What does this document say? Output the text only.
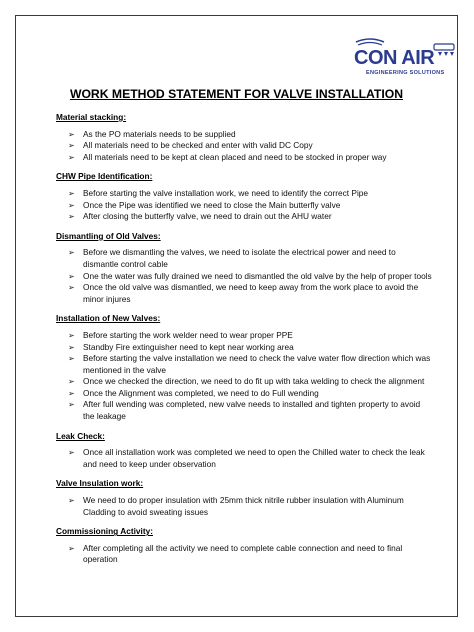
CON AIR
ENGINEERING SOLUTIONS
WORK METHOD STATEMENT FOR VALVE INSTALLATION
Material stacking:
➢ As the PO materials needs to be supplied
➢ All materials need to be checked and enter with valid DC Copy
➢ All materials need to be kept at clean placed and need to be stocked in proper way
CHW Pipe Identification:
➢ Before starting the valve installation work, we need to identify the correct Pipe
➢ Once the Pipe was identified we need to close the Main butterfly valve
➢ After closing the butterfly valve, we need to drain out the AHU water
Dismantling of Old Valves:
➢ Before we dismantling the valves, we need to isolate the electrical power and need to dismantle control cable
➢ One the water was fully drained we need to dismantled the old valve by the help of proper tools
➢ Once the old valve was dismantled, we need to keep away from the work place to avoid the minor injures
Installation of New Valves:
➢ Before starting the work welder need to wear proper PPE
➢ Standby Fire extinguisher need to kept near working area
➢ Before starting the valve installation we need to check the valve water flow direction which was mentioned in the valve
➢ Once we checked the direction, we need to do fit up with taka welding to check the alignment
➢ Once the Alignment was completed, we need to do Full wending
➢ After full wending was completed, new valve needs to installed and tighten property to avoid the leakage
Leak Check:
➢ Once all installation work was completed we need to open the Chilled water to check the leak and need to keep under observation
Valve Insulation work:
➢ We need to do proper insulation with 25mm thick nitrile rubber insulation with Aluminum Cladding to avoid sweating issues
Commissioning Activity:
➢ After completing all the activity we need to complete cable connection and need to final operation
